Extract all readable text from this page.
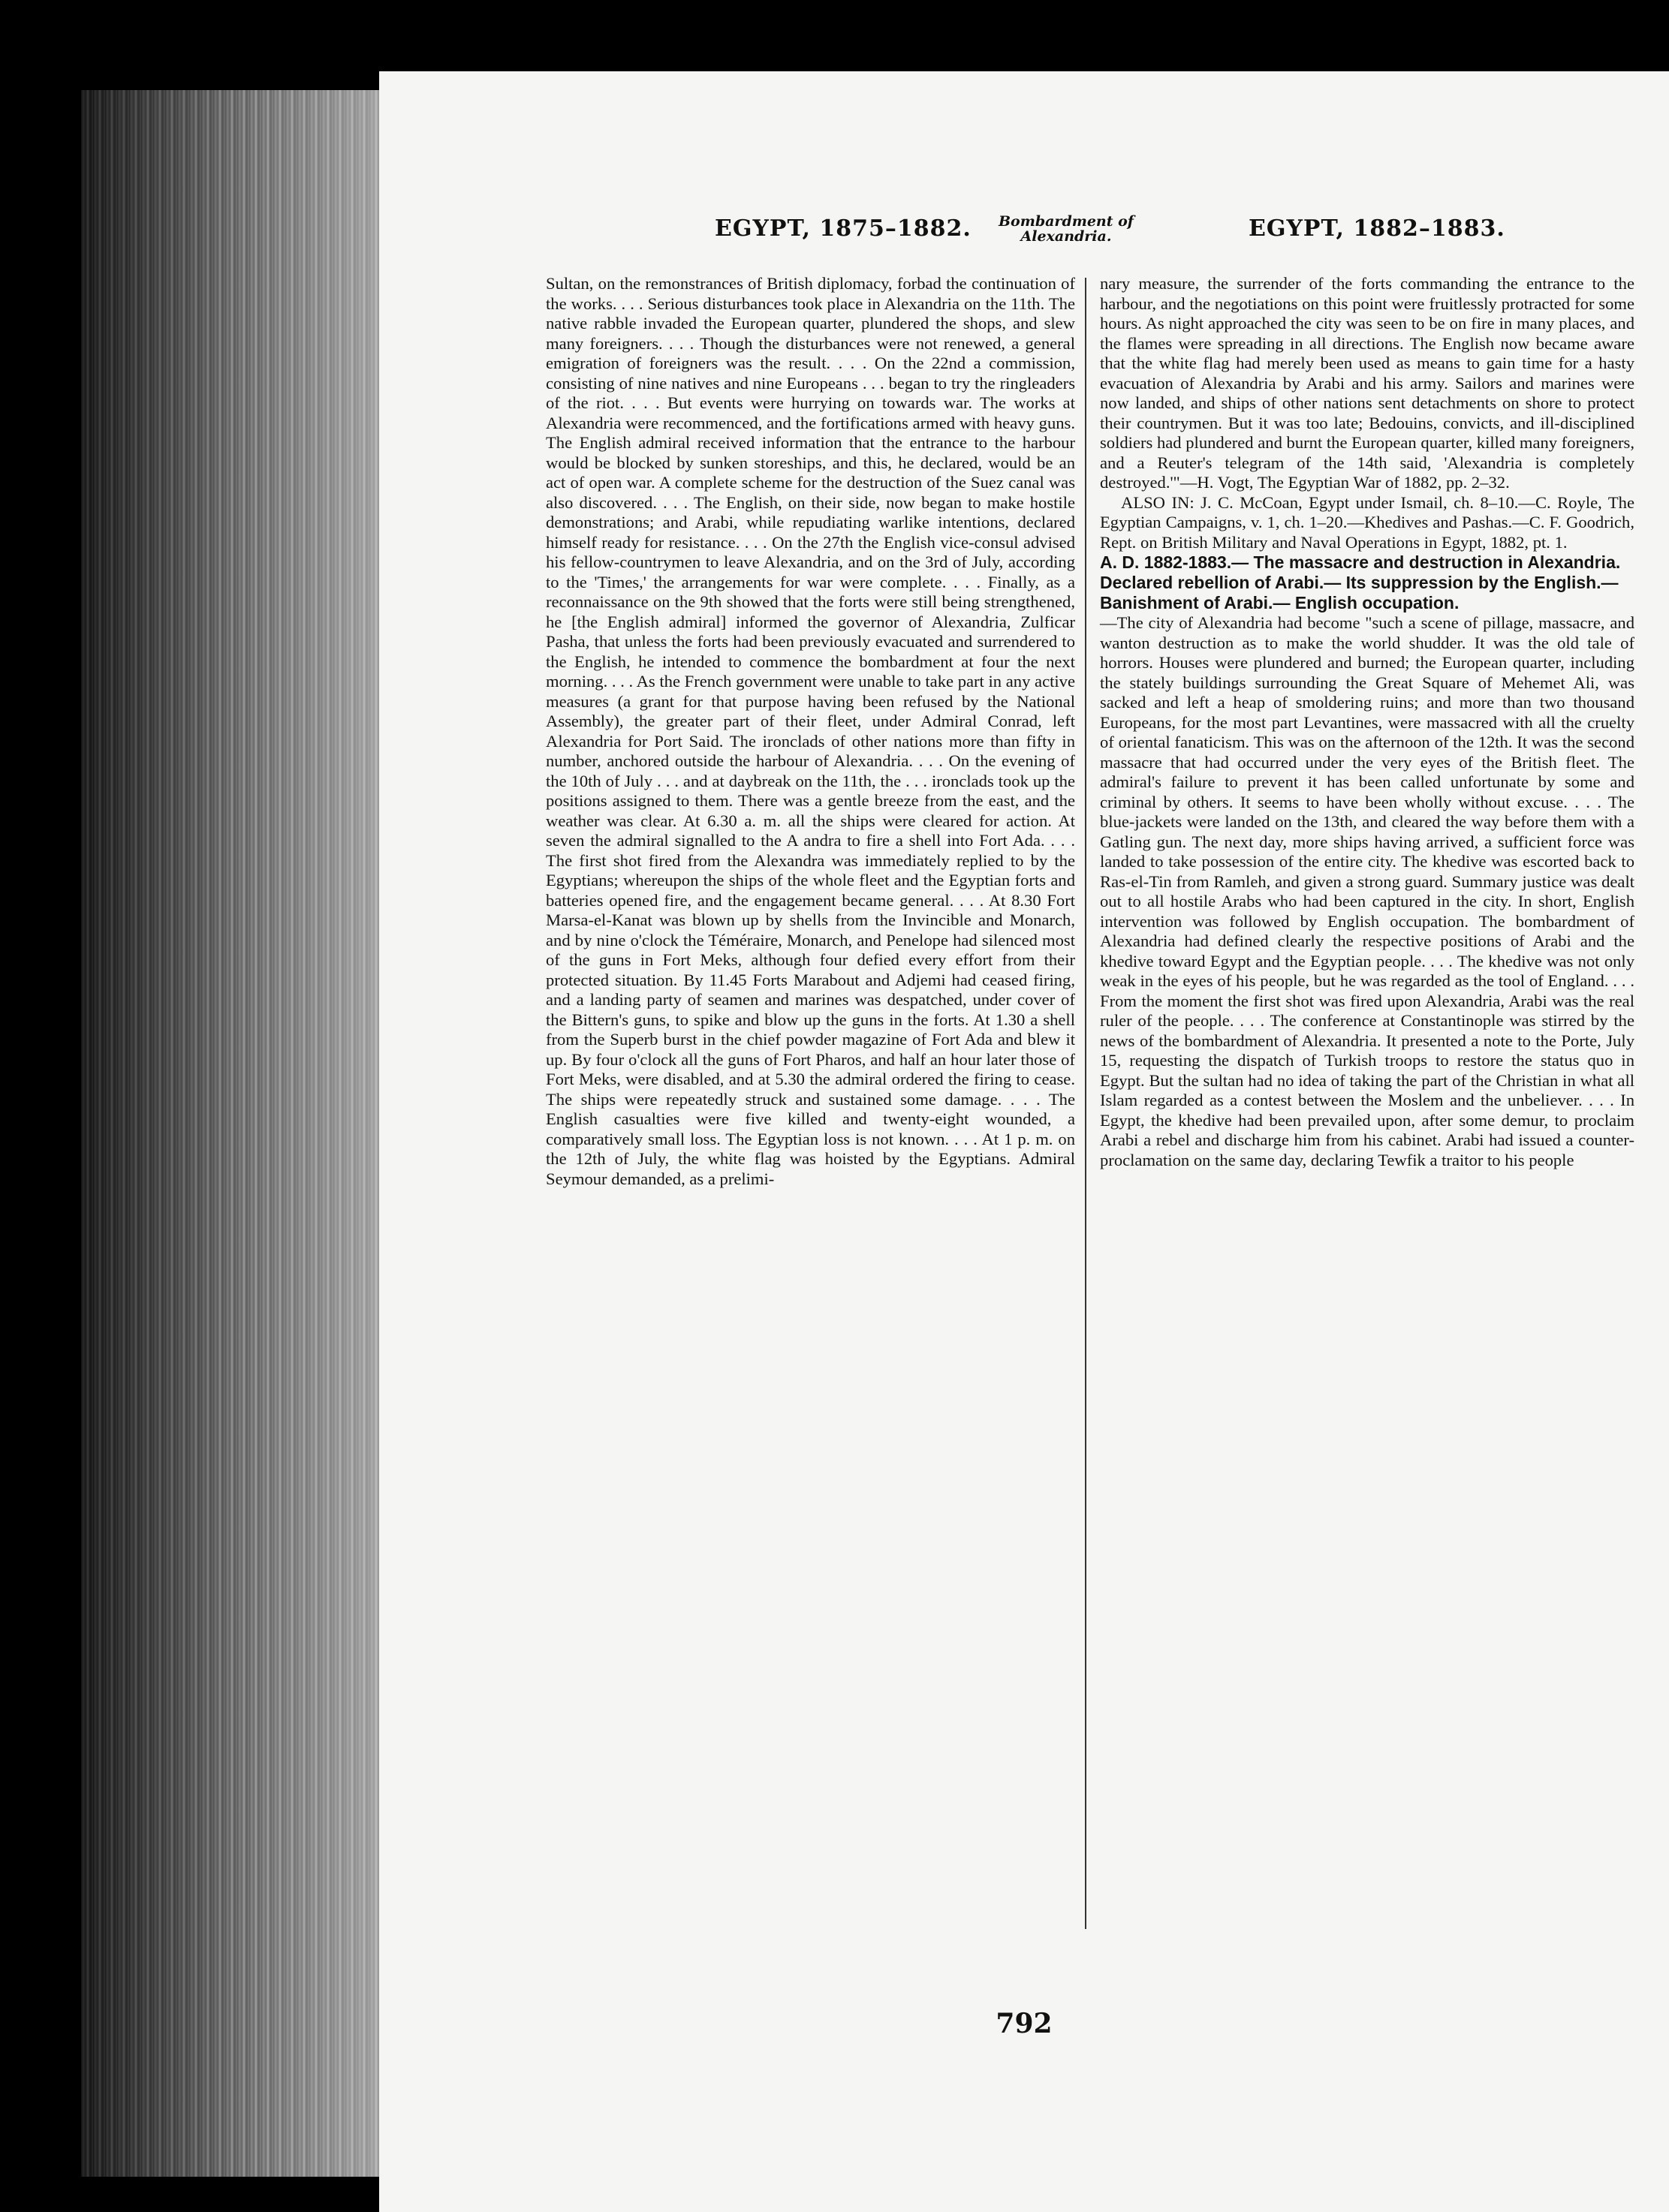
EGYPT, 1875–1882.	Bombardment of Alexandria.	EGYPT, 1882–1883.

Sultan, on the remonstrances of British diplomacy, forbad the continuation of the works. . . . Serious disturbances took place in Alexandria on the 11th. The native rabble invaded the European quarter, plundered the shops, and slew many foreigners. . . . Though the disturbances were not renewed, a general emigration of foreigners was the result. . . . On the 22nd a commission, consisting of nine natives and nine Europeans . . . began to try the ringleaders of the riot. . . . But events were hurrying on towards war. The works at Alexandria were recommenced, and the fortifications armed with heavy guns. The English admiral received information that the entrance to the harbour would be blocked by sunken storeships, and this, he declared, would be an act of open war. A complete scheme for the destruction of the Suez canal was also discovered. . . . The English, on their side, now began to make hostile demonstrations; and Arabi, while repudiating warlike intentions, declared himself ready for resistance. . . . On the 27th the English vice-consul advised his fellow-countrymen to leave Alexandria, and on the 3rd of July, according to the 'Times,' the arrangements for war were complete. . . . Finally, as a reconnaissance on the 9th showed that the forts were still being strengthened, he [the English admiral] informed the governor of Alexandria, Zulficar Pasha, that unless the forts had been previously evacuated and surrendered to the English, he intended to commence the bombardment at four the next morning. . . . As the French government were unable to take part in any active measures (a grant for that purpose having been refused by the National Assembly), the greater part of their fleet, under Admiral Conrad, left Alexandria for Port Said. The ironclads of other nations more than fifty in number, anchored outside the harbour of Alexandria. . . . On the evening of the 10th of July . . . and at daybreak on the 11th, the . . . ironclads took up the positions assigned to them. There was a gentle breeze from the east, and the weather was clear. At 6.30 a. m. all the ships were cleared for action. At seven the admiral signalled to the A andra to fire a shell into Fort Ada. . . . The first shot fired from the Alexandra was immediately replied to by the Egyptians; whereupon the ships of the whole fleet and the Egyptian forts and batteries opened fire, and the engagement became general. . . . At 8.30 Fort Marsa-el-Kanat was blown up by shells from the Invincible and Monarch, and by nine o'clock the Téméraire, Monarch, and Penelope had silenced most of the guns in Fort Meks, although four defied every effort from their protected situation. By 11.45 Forts Marabout and Adjemi had ceased firing, and a landing party of seamen and marines was despatched, under cover of the Bittern's guns, to spike and blow up the guns in the forts. At 1.30 a shell from the Superb burst in the chief powder magazine of Fort Ada and blew it up. By four o'clock all the guns of Fort Pharos, and half an hour later those of Fort Meks, were disabled, and at 5.30 the admiral ordered the firing to cease. The ships were repeatedly struck and sustained some damage. . . . The English casualties were five killed and twenty-eight wounded, a comparatively small loss. The Egyptian loss is not known. . . . At 1 p. m. on the 12th of July, the white flag was hoisted by the Egyptians. Admiral Seymour demanded, as a prelimi-

nary measure, the surrender of the forts commanding the entrance to the harbour, and the negotiations on this point were fruitlessly protracted for some hours. As night approached the city was seen to be on fire in many places, and the flames were spreading in all directions. The English now became aware that the white flag had merely been used as means to gain time for a hasty evacuation of Alexandria by Arabi and his army. Sailors and marines were now landed, and ships of other nations sent detachments on shore to protect their countrymen. But it was too late; Bedouins, convicts, and ill-disciplined soldiers had plundered and burnt the European quarter, killed many foreigners, and a Reuter's telegram of the 14th said, 'Alexandria is completely destroyed.'"—H. Vogt, The Egyptian War of 1882, pp. 2–32.

ALSO IN: J. C. McCoan, Egypt under Ismail, ch. 8–10.—C. Royle, The Egyptian Campaigns, v. 1, ch. 1–20.—Khedives and Pashas.—C. F. Goodrich, Rept. on British Military and Naval Operations in Egypt, 1882, pt. 1.

A. D. 1882-1883.— The massacre and destruction in Alexandria. Declared rebellion of Arabi.— Its suppression by the English.— Banishment of Arabi.— English occupation.

—The city of Alexandria had become "such a scene of pillage, massacre, and wanton destruction as to make the world shudder. It was the old tale of horrors. Houses were plundered and burned; the European quarter, including the stately buildings surrounding the Great Square of Mehemet Ali, was sacked and left a heap of smoldering ruins; and more than two thousand Europeans, for the most part Levantines, were massacred with all the cruelty of oriental fanaticism. This was on the afternoon of the 12th. It was the second massacre that had occurred under the very eyes of the British fleet. The admiral's failure to prevent it has been called unfortunate by some and criminal by others. It seems to have been wholly without excuse. . . . The blue-jackets were landed on the 13th, and cleared the way before them with a Gatling gun. The next day, more ships having arrived, a sufficient force was landed to take possession of the entire city. The khedive was escorted back to Ras-el-Tin from Ramleh, and given a strong guard. Summary justice was dealt out to all hostile Arabs who had been captured in the city. In short, English intervention was followed by English occupation. The bombardment of Alexandria had defined clearly the respective positions of Arabi and the khedive toward Egypt and the Egyptian people. . . . The khedive was not only weak in the eyes of his people, but he was regarded as the tool of England. . . . From the moment the first shot was fired upon Alexandria, Arabi was the real ruler of the people. . . . The conference at Constantinople was stirred by the news of the bombardment of Alexandria. It presented a note to the Porte, July 15, requesting the dispatch of Turkish troops to restore the status quo in Egypt. But the sultan had no idea of taking the part of the Christian in what all Islam regarded as a contest between the Moslem and the unbeliever. . . . In Egypt, the khedive had been prevailed upon, after some demur, to proclaim Arabi a rebel and discharge him from his cabinet. Arabi had issued a counter-proclamation on the same day, declaring Tewfik a traitor to his people

792
